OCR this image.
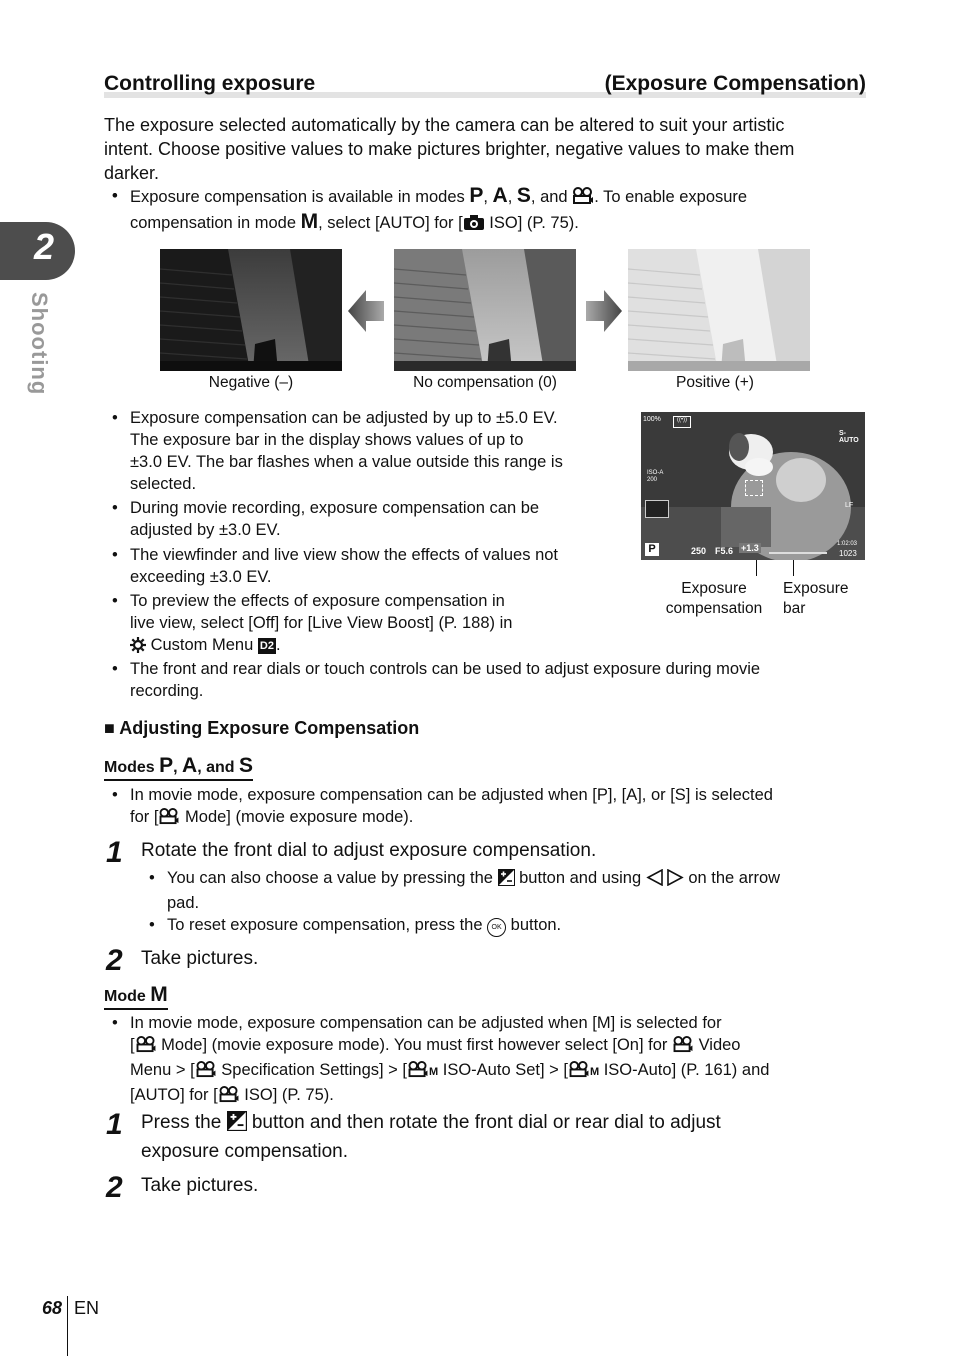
2
Shooting
Controlling exposure	(Exposure Compensation)
The exposure selected automatically by the camera can be altered to suit your artistic
intent. Choose positive values to make pictures brighter, negative values to make them
darker.
• Exposure compensation is available in modes P, A, S, and . To enable exposure
compensation in mode M, select [AUTO] for [ ISO] (P. 75).
Negative (–)	No compensation (0)	Positive (+)
• Exposure compensation can be adjusted by up to ±5.0 EV.
The exposure bar in the display shows values of up to
±3.0 EV. The bar flashes when a value outside this range is
selected.
• During movie recording, exposure compensation can be
adjusted by ±3.0 EV.
• The viewfinder and live view show the effects of values not
exceeding ±3.0 EV.
• To preview the effects of exposure compensation in
live view, select [Off] for [Live View Boost] (P. 188) in
Custom Menu D2 .
100%	((•))
S-AUTO
ISO-A
200
LF
P	250 F5.6 +1.3	1:02:03
1023
Exposure
compensation
Exposure
bar
• The front and rear dials or touch controls can be used to adjust exposure during movie
recording.
■ Adjusting Exposure Compensation
Modes P, A, and S
• In movie mode, exposure compensation can be adjusted when [P], [A], or [S] is selected
for [ Mode] (movie exposure mode).
1 Rotate the front dial to adjust exposure compensation.
• You can also choose a value by pressing the  button and using  on the arrow
pad.
• To reset exposure compensation, press the OK button.
2 Take pictures.
Mode M
• In movie mode, exposure compensation can be adjusted when [M] is selected for
[ Mode] (movie exposure mode). You must first however select [On] for  Video
Menu > [ Specification Settings] > [ M ISO-Auto Set] > [ M ISO-Auto] (P. 161) and
[AUTO] for [ ISO] (P. 75).
1 Press the  button and then rotate the front dial or rear dial to adjust
exposure compensation.
2 Take pictures.
68 EN
